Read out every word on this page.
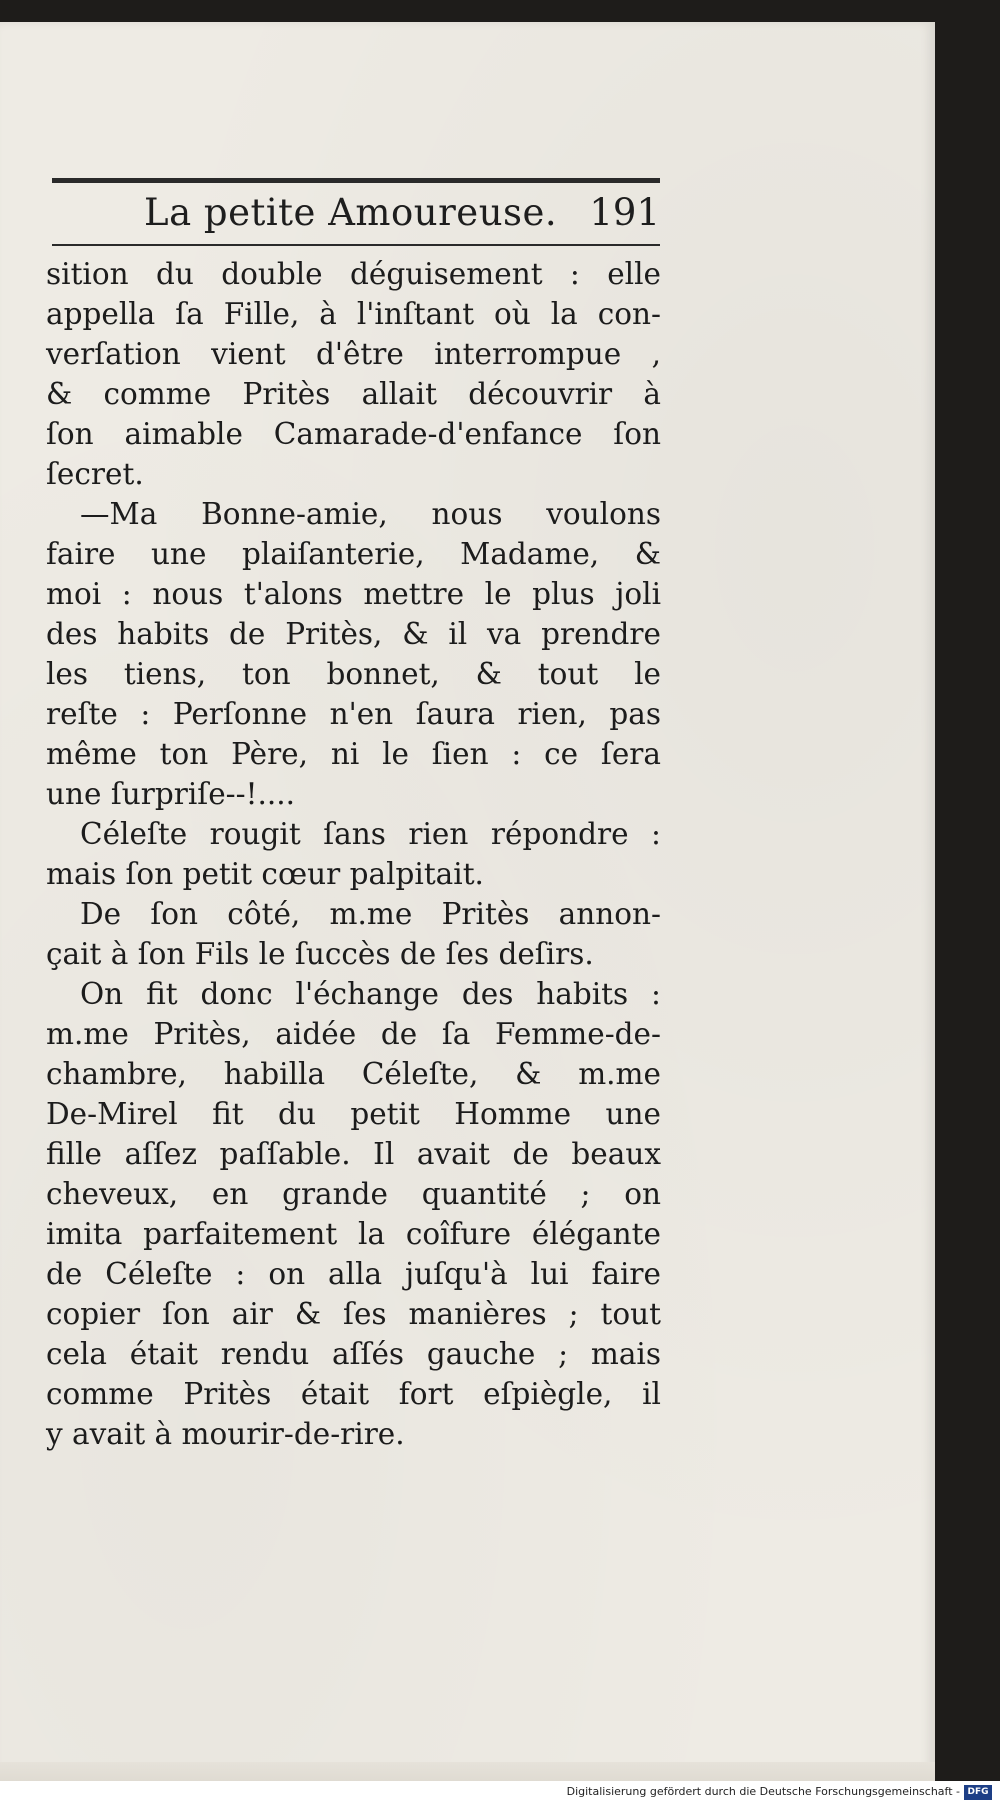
La petite Amoureuse. 191
sition du double déguisement : elle
appella ſa Fille, à l'inſtant où la con-
verſation vient d'être interrompue ,
& comme Pritès allait découvrir à
ſon aimable Camarade-d'enfance ſon
ſecret.
—Ma Bonne-amie, nous voulons
faire une plaiſanterie, Madame, &
moi : nous t'alons mettre le plus joli
des habits de Pritès, & il va prendre
les tiens, ton bonnet, & tout le
reſte : Perſonne n'en ſaura rien, pas
même ton Père, ni le ſien : ce ſera
une ſurpriſe--!....
Céleſte rougit ſans rien répondre :
mais ſon petit cœur palpitait.
De ſon côté, m.me Pritès annon-
çait à ſon Fils le ſuccès de ſes deſirs.
On fit donc l'échange des habits :
m.me Pritès, aidée de ſa Femme-de-
chambre, habilla Céleſte, & m.me
De-Mirel fit du petit Homme une
fille aſſez paſſable. Il avait de beaux
cheveux, en grande quantité ; on
imita parfaitement la coîfure élégante
de Céleſte : on alla juſqu'à lui faire
copier ſon air & ſes manières ; tout
cela était rendu aſſés gauche ; mais
comme Pritès était fort eſpiègle, il
y avait à mourir-de-rire.
Digitalisierung gefördert durch die Deutsche Forschungsgemeinschaft - DFG
